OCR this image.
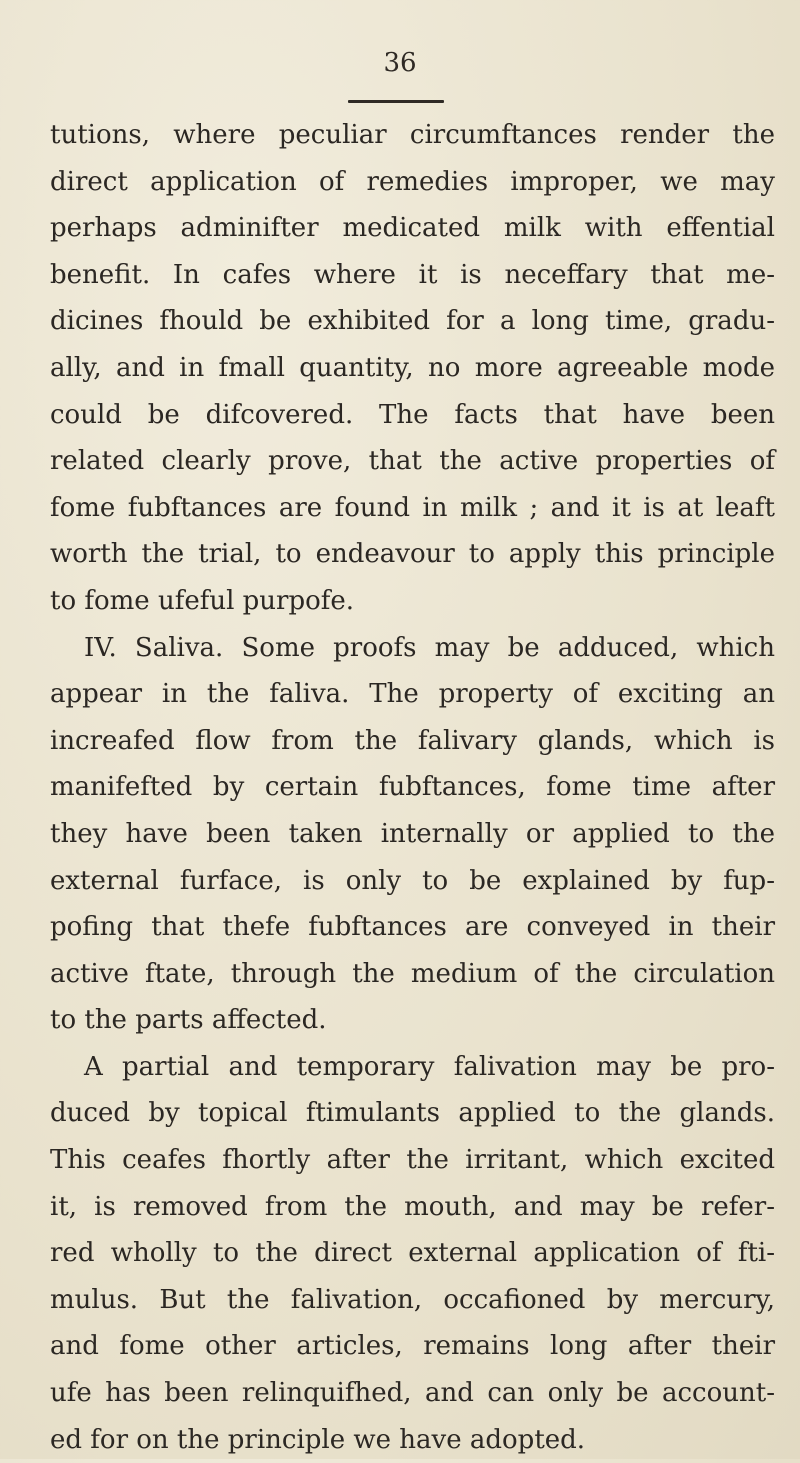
36
tutions, where peculiar circumftances render the
direct application of remedies improper, we may
perhaps adminifter medicated milk with effential
benefit. In cafes where it is neceffary that me-
dicines fhould be exhibited for a long time, gradu-
ally, and in fmall quantity, no more agreeable mode
could be difcovered. The facts that have been
related clearly prove, that the active properties of
fome fubftances are found in milk ; and it is at leaft
worth the trial, to endeavour to apply this principle
to fome ufeful purpofe.
IV. Saliva. Some proofs may be adduced, which
appear in the faliva. The property of exciting an
increafed flow from the falivary glands, which is
manifefted by certain fubftances, fome time after
they have been taken internally or applied to the
external furface, is only to be explained by fup-
pofing that thefe fubftances are conveyed in their
active ftate, through the medium of the circulation
to the parts affected.
A partial and temporary falivation may be pro-
duced by topical ftimulants applied to the glands.
This ceafes fhortly after the irritant, which excited
it, is removed from the mouth, and may be refer-
red wholly to the direct external application of fti-
mulus. But the falivation, occafioned by mercury,
and fome other articles, remains long after their
ufe has been relinquifhed, and can only be account-
ed for on the principle we have adopted.
